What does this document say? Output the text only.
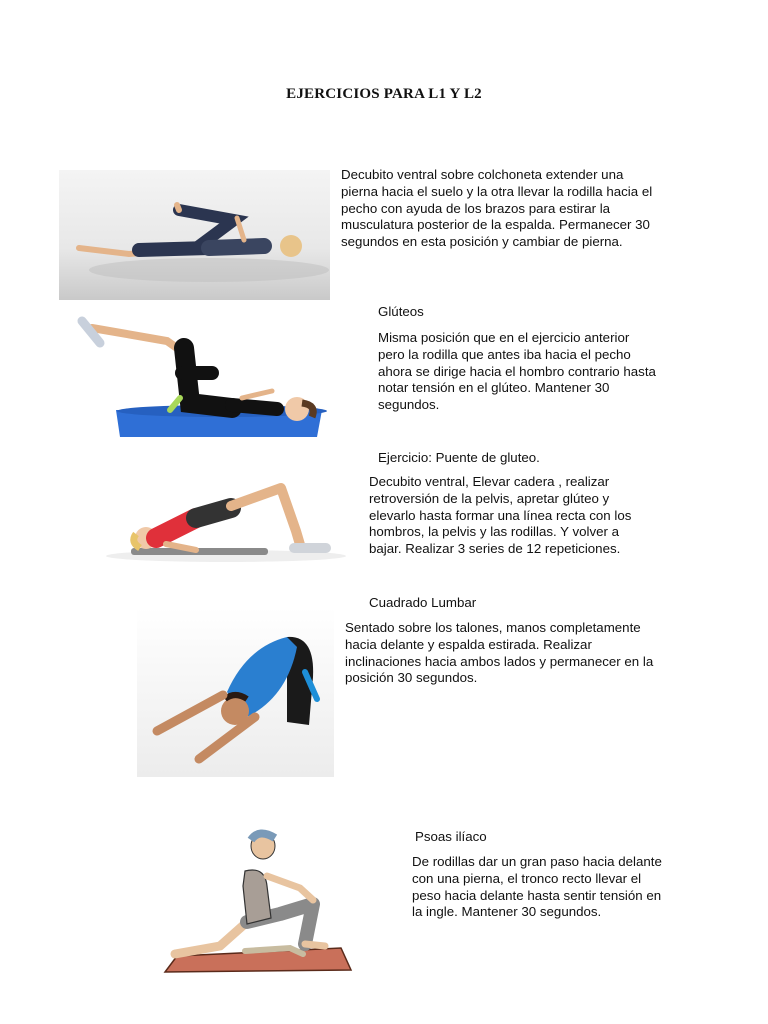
EJERCICIOS PARA L1 Y L2
Decubito ventral sobre colchoneta extender una pierna hacia el suelo y la otra llevar la rodilla hacia el pecho con ayuda de los brazos para estirar la musculatura posterior de la espalda. Permanecer 30 segundos en esta posición y cambiar de pierna.
Glúteos
Misma posición que en el ejercicio anterior pero la rodilla que antes iba hacia el pecho ahora se dirige hacia el hombro contrario hasta notar tensión en el glúteo. Mantener 30 segundos.
Ejercicio: Puente de gluteo.
Decubito ventral, Elevar cadera , realizar retroversión de la pelvis, apretar glúteo y elevarlo hasta formar una línea recta con los hombros, la pelvis y las rodillas. Y volver a bajar. Realizar 3 series de 12 repeticiones.
Cuadrado Lumbar
Sentado sobre los talones, manos completamente hacia delante y espalda estirada. Realizar inclinaciones hacia ambos lados y permanecer en la posición 30 segundos.
Psoas ilíaco
De rodillas dar un gran paso hacia delante con una pierna, el tronco recto llevar el peso hacia delante hasta sentir tensión en la ingle. Mantener 30 segundos.
